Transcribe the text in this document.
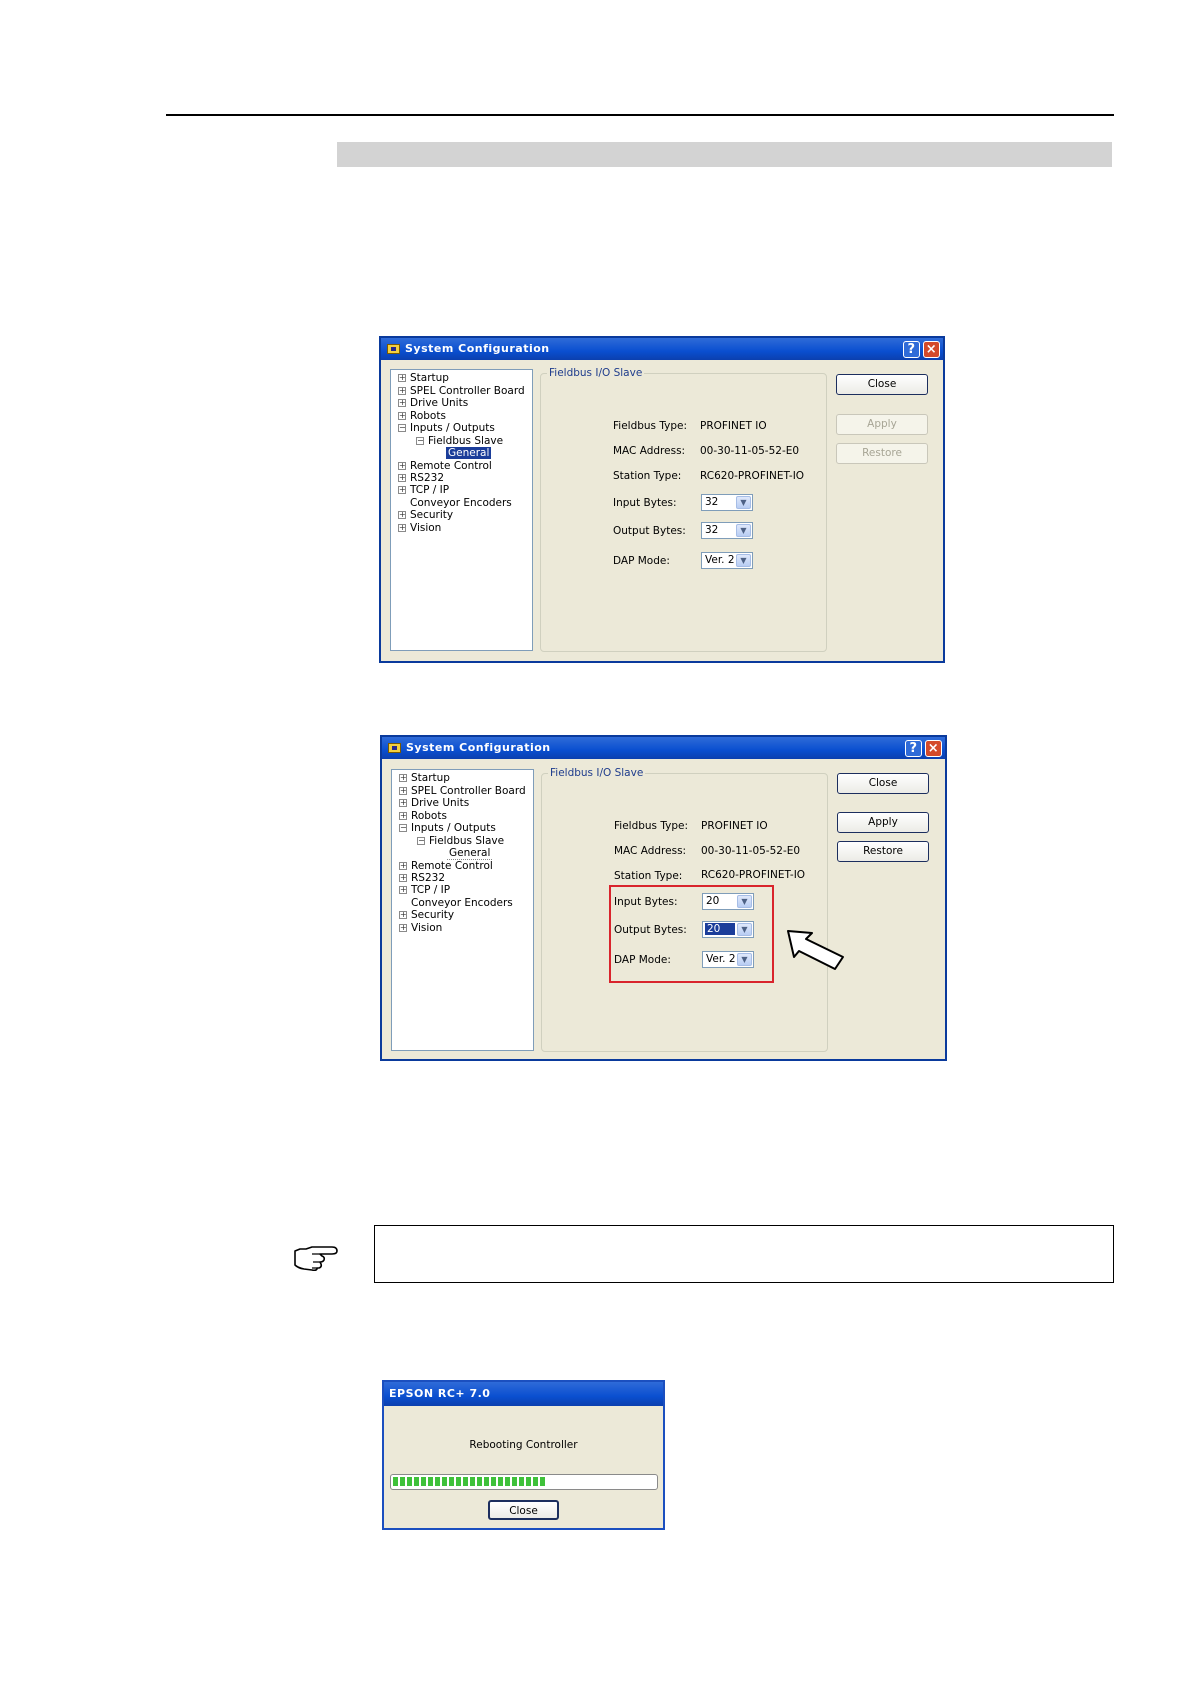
System Configuration	? ×
+ Startup
+ SPEL Controller Board
+ Drive Units
+ Robots
− Inputs / Outputs
− Fieldbus Slave
General
+ Remote Control
+ RS232
+ TCP / IP
Conveyor Encoders
+ Security
+ Vision
Fieldbus I/O Slave
Fieldbus Type: PROFINET IO
MAC Address: 00-30-11-05-52-E0
Station Type: RC620-PROFINET-IO
Input Bytes:	32	▼
Output Bytes: 32	▼
DAP Mode:	Ver. 2 ▼
Close
Apply
Restore
System Configuration	? ×
+ Startup
+ SPEL Controller Board
+ Drive Units
+ Robots
− Inputs / Outputs
− Fieldbus Slave
General
+ Remote Control
+ RS232
+ TCP / IP
Conveyor Encoders
+ Security
+ Vision
Fieldbus I/O Slave
Fieldbus Type: PROFINET IO
MAC Address: 00-30-11-05-52-E0
Station Type: RC620-PROFINET-IO
Input Bytes:	20	▼
Output Bytes: 20	▼
DAP Mode:	Ver. 2 ▼
Close
Apply
Restore
EPSON RC+ 7.0
Rebooting Controller
Close
